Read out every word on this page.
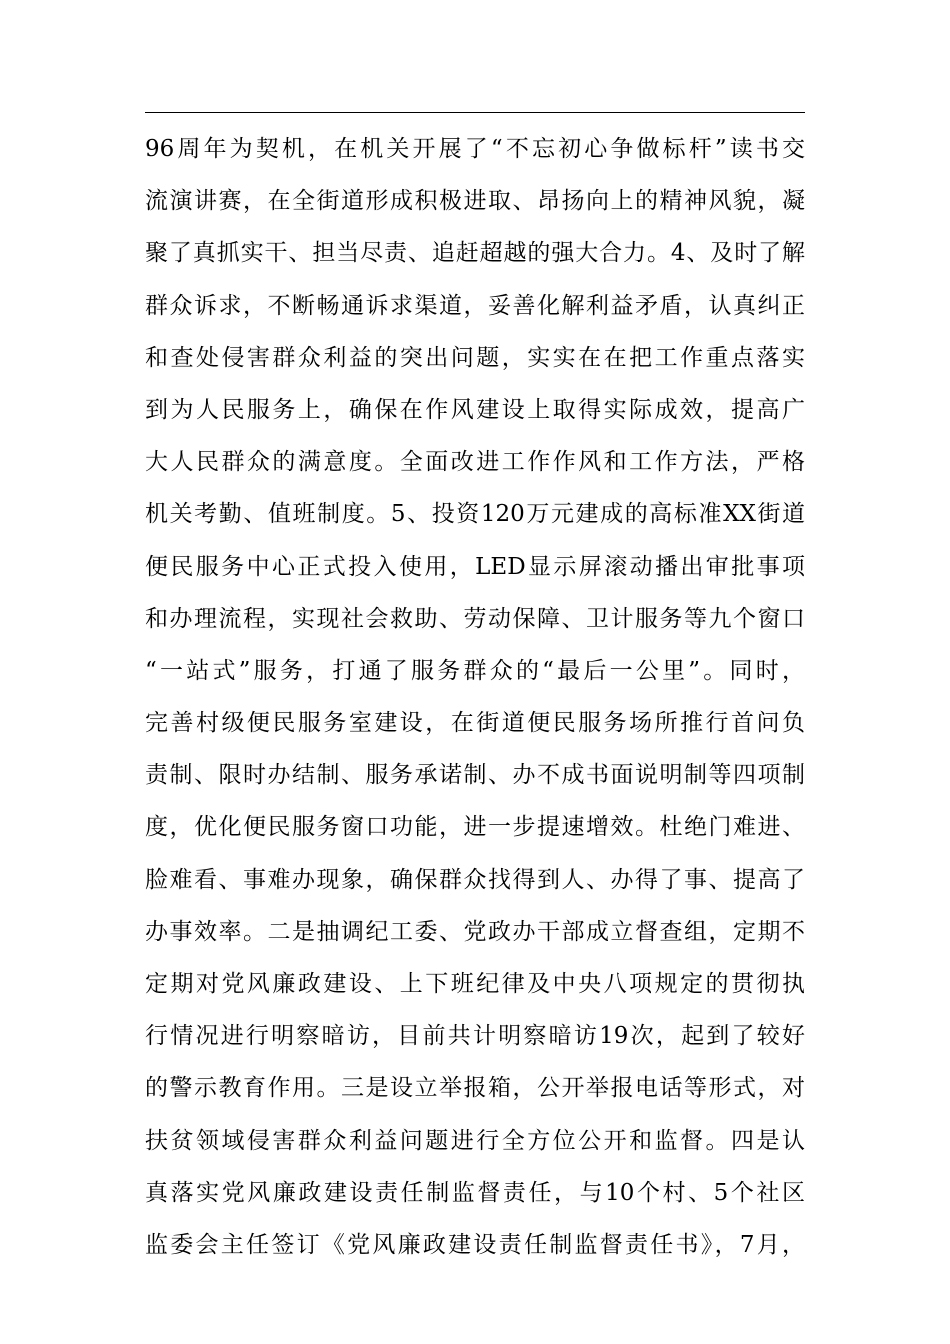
96周年为契机，在机关开展了“不忘初心争做标杆”读书交
流演讲赛，在全街道形成积极进取、昂扬向上的精神风貌，凝
聚了真抓实干、担当尽责、追赶超越的强大合力。4、及时了解
群众诉求，不断畅通诉求渠道，妥善化解利益矛盾，认真纠正
和查处侵害群众利益的突出问题，实实在在把工作重点落实
到为人民服务上，确保在作风建设上取得实际成效，提高广
大人民群众的满意度。全面改进工作作风和工作方法，严格
机关考勤、值班制度。5、投资120万元建成的高标准XX街道
便民服务中心正式投入使用，LED显示屏滚动播出审批事项
和办理流程，实现社会救助、劳动保障、卫计服务等九个窗口
“一站式”服务，打通了服务群众的“最后一公里”。同时，
完善村级便民服务室建设，在街道便民服务场所推行首问负
责制、限时办结制、服务承诺制、办不成书面说明制等四项制
度，优化便民服务窗口功能，进一步提速增效。杜绝门难进、
脸难看、事难办现象，确保群众找得到人、办得了事、提高了
办事效率。二是抽调纪工委、党政办干部成立督查组，定期不
定期对党风廉政建设、上下班纪律及中央八项规定的贯彻执
行情况进行明察暗访，目前共计明察暗访19次，起到了较好
的警示教育作用。三是设立举报箱，公开举报电话等形式，对
扶贫领域侵害群众利益问题进行全方位公开和监督。四是认
真落实党风廉政建设责任制监督责任，与10个村、5个社区
监委会主任签订《党风廉政建设责任制监督责任书》，7月，
